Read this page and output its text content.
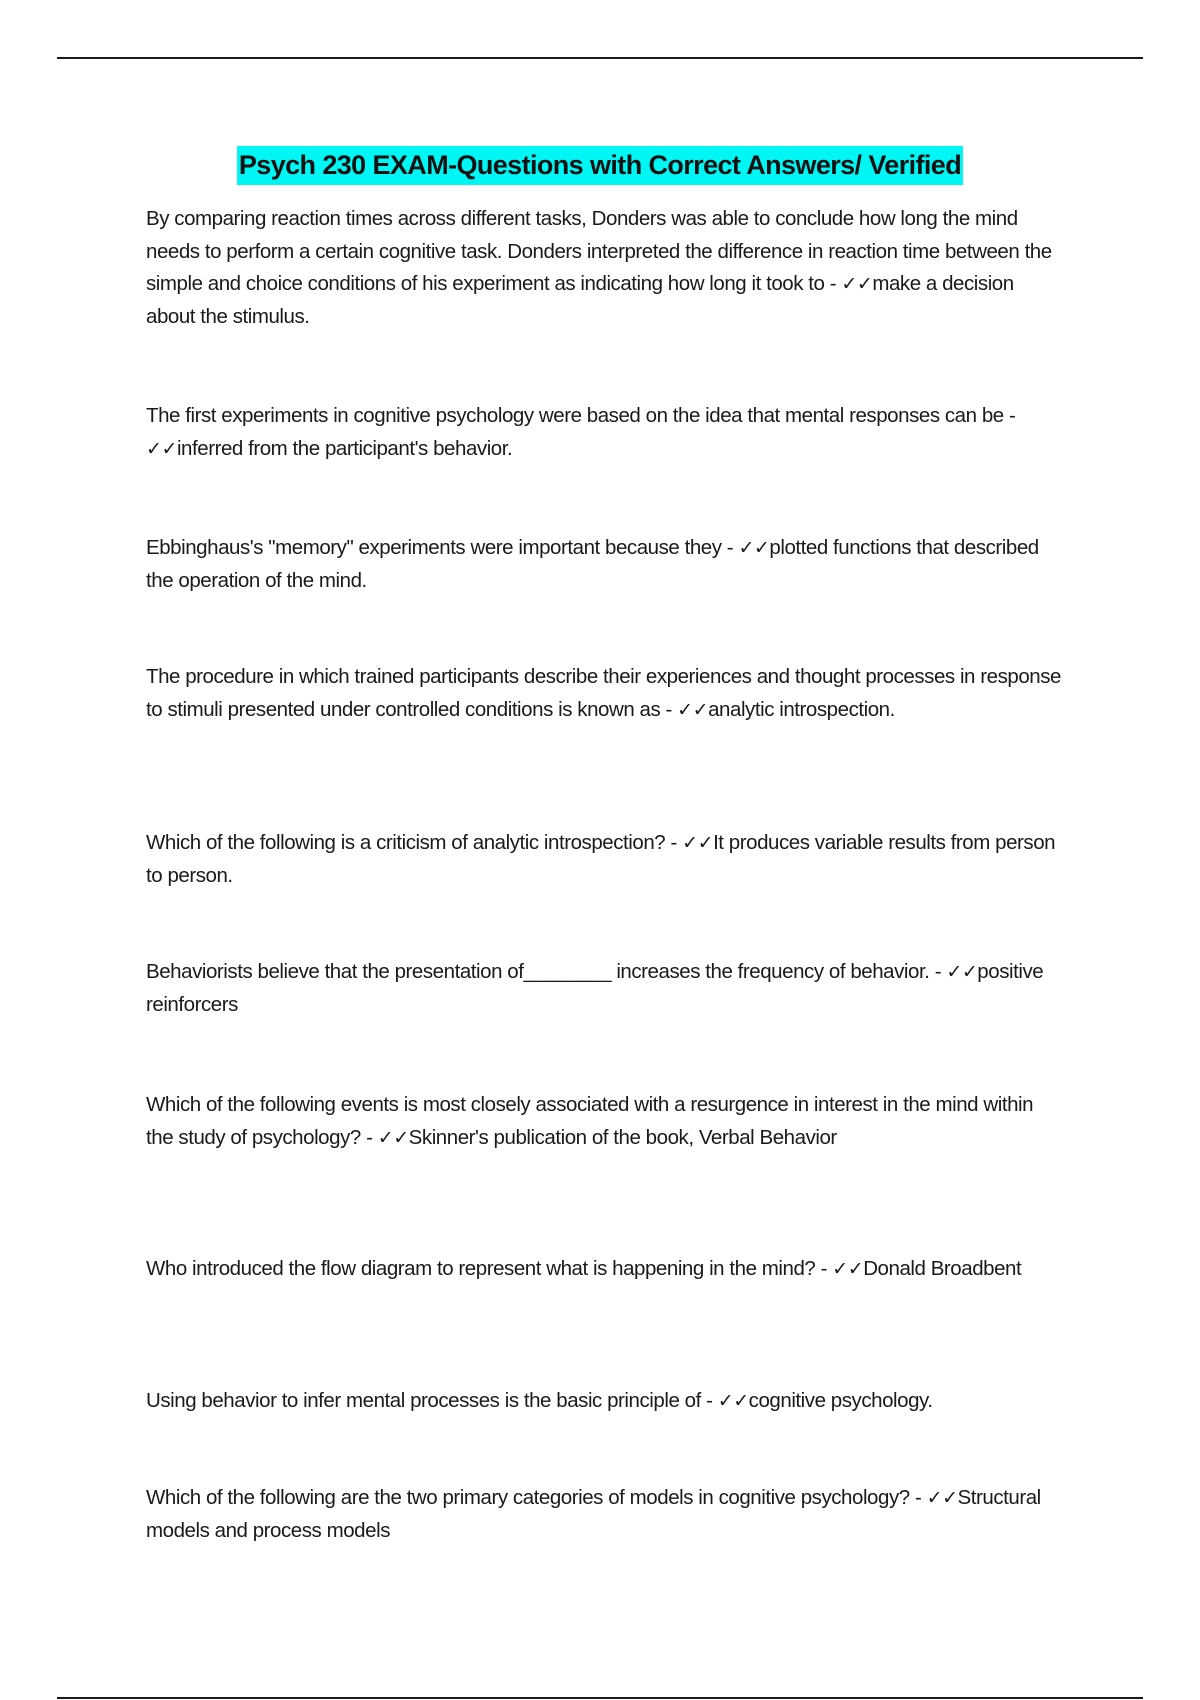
Psych 230 EXAM-Questions with Correct Answers/ Verified
By comparing reaction times across different tasks, Donders was able to conclude how long the mind needs to perform a certain cognitive task. Donders interpreted the difference in reaction time between the simple and choice conditions of his experiment as indicating how long it took to - ✓✓make a decision about the stimulus.
The first experiments in cognitive psychology were based on the idea that mental responses can be - ✓✓inferred from the participant's behavior.
Ebbinghaus's "memory" experiments were important because they - ✓✓plotted functions that described the operation of the mind.
The procedure in which trained participants describe their experiences and thought processes in response to stimuli presented under controlled conditions is known as - ✓✓analytic introspection.
Which of the following is a criticism of analytic introspection? - ✓✓It produces variable results from person to person.
Behaviorists believe that the presentation of________ increases the frequency of behavior. - ✓✓positive reinforcers
Which of the following events is most closely associated with a resurgence in interest in the mind within the study of psychology? - ✓✓Skinner's publication of the book, Verbal Behavior
Who introduced the flow diagram to represent what is happening in the mind? - ✓✓Donald Broadbent
Using behavior to infer mental processes is the basic principle of - ✓✓cognitive psychology.
Which of the following are the two primary categories of models in cognitive psychology? - ✓✓Structural models and process models
